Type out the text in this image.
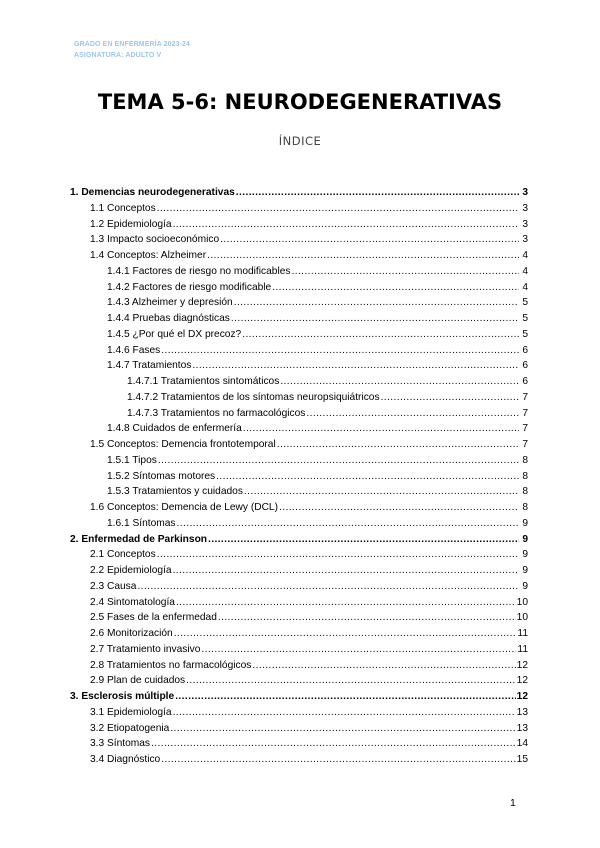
GRADO EN ENFERMERÍA 2023-24
ASIGNATURA: ADULTO V
TEMA 5-6: NEURODEGENERATIVAS
ÍNDICE
1. Demencias neurodegenerativas .....	3
1.1 Conceptos .....	3
1.2 Epidemiología .....	3
1.3 Impacto socioeconómico .....	3
1.4 Conceptos: Alzheimer .....	4
1.4.1 Factores de riesgo no modificables .....	4
1.4.2 Factores de riesgo modificable .....	4
1.4.3 Alzheimer y depresión .....	5
1.4.4 Pruebas diagnósticas .....	5
1.4.5 ¿Por qué el DX precoz? .....	5
1.4.6 Fases .....	6
1.4.7 Tratamientos .....	6
1.4.7.1 Tratamientos sintomáticos .....	6
1.4.7.2 Tratamientos de los síntomas neuropsiquiátricos .....	7
1.4.7.3 Tratamientos no farmacológicos .....	7
1.4.8 Cuidados de enfermería .....	7
1.5 Conceptos: Demencia frontotemporal .....	7
1.5.1 Tipos .....	8
1.5.2 Síntomas motores .....	8
1.5.3 Tratamientos y cuidados .....	8
1.6 Conceptos: Demencia de Lewy (DCL) .....	8
1.6.1 Síntomas .....	9
2. Enfermedad de Parkinson .....	9
2.1 Conceptos .....	9
2.2 Epidemiología .....	9
2.3 Causa .....	9
2.4 Sintomatología .....	10
2.5 Fases de la enfermedad .....	10
2.6 Monitorización .....	11
2.7 Tratamiento invasivo .....	11
2.8 Tratamientos no farmacológicos .....	12
2.9 Plan de cuidados .....	12
3. Esclerosis múltiple .....	12
3.1 Epidemiología .....	13
3.2 Etiopatogenia .....	13
3.3 Síntomas .....	14
3.4 Diagnóstico .....	15
1
